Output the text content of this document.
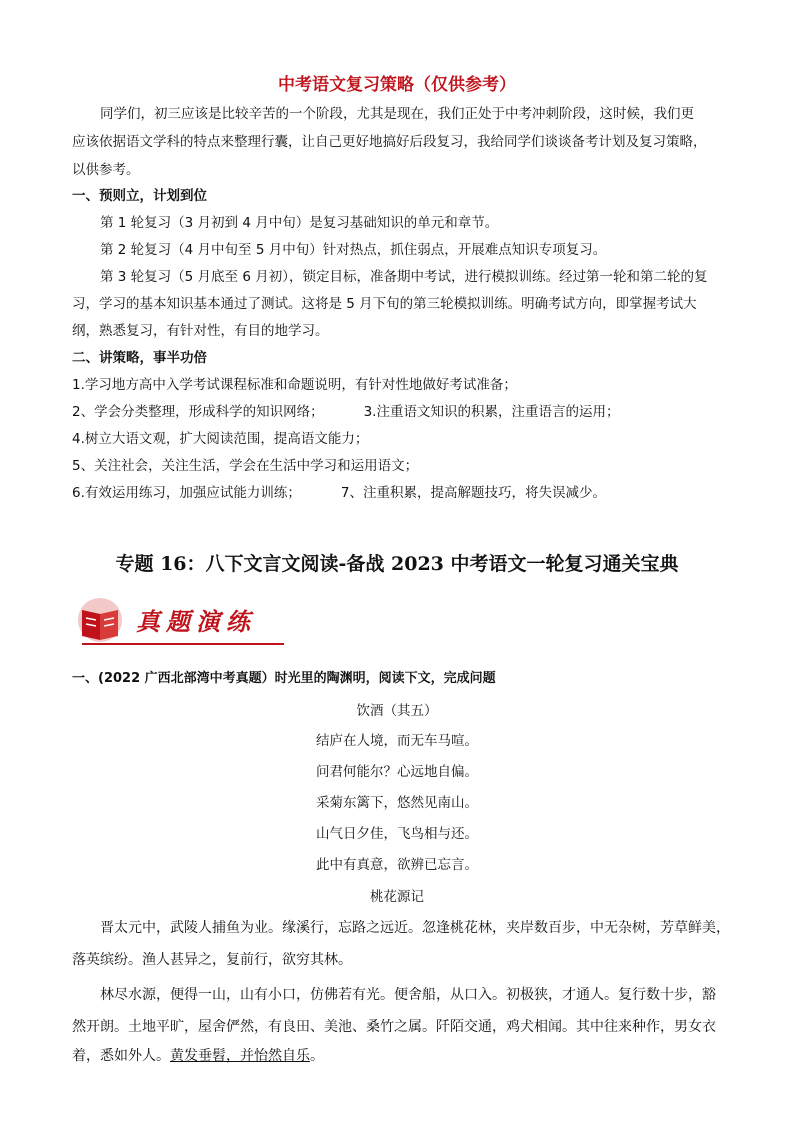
中考语文复习策略（仅供参考）
同学们，初三应该是比较辛苦的一个阶段，尤其是现在，我们正处于中考冲刺阶段，这时候，我们更
应该依据语文学科的特点来整理行囊，让自己更好地搞好后段复习，我给同学们谈谈备考计划及复习策略，
以供参考。
一、预则立，计划到位
第 1 轮复习（3 月初到 4 月中旬）是复习基础知识的单元和章节。
第 2 轮复习（4 月中旬至 5 月中旬）针对热点，抓住弱点，开展难点知识专项复习。
第 3 轮复习（5 月底至 6 月初），锁定目标，准备期中考试，进行模拟训练。经过第一轮和第二轮的复
习，学习的基本知识基本通过了测试。这将是 5 月下旬的第三轮模拟训练。明确考试方向，即掌握考试大
纲，熟悉复习，有针对性，有目的地学习。
二、讲策略，事半功倍
1.学习地方高中入学考试课程标准和命题说明，有针对性地做好考试准备；
2、学会分类整理，形成科学的知识网络；	3.注重语文知识的积累，注重语言的运用；
4.树立大语文观，扩大阅读范围，提高语文能力；
5、关注社会，关注生活，学会在生活中学习和运用语文；
6.有效运用练习，加强应试能力训练；	7、注重积累，提高解题技巧，将失误减少。
专题 16：八下文言文阅读-备战 2023 中考语文一轮复习通关宝典
真题演练
一、(2022 广西北部湾中考真题）时光里的陶渊明，阅读下文，完成问题
饮酒（其五）
结庐在人境，而无车马喧。
问君何能尔？心远地自偏。
采菊东篱下，悠然见南山。
山气日夕佳，飞鸟相与还。
此中有真意，欲辨已忘言。
桃花源记
晋太元中，武陵人捕鱼为业。缘溪行，忘路之远近。忽逢桃花林，夹岸数百步，中无杂树，芳草鲜美，
落英缤纷。渔人甚异之，复前行，欲穷其林。
林尽水源，便得一山，山有小口，仿佛若有光。便舍船，从口入。初极狭，才通人。复行数十步，豁
然开朗。土地平旷，屋舍俨然，有良田、美池、桑竹之属。阡陌交通，鸡犬相闻。其中往来种作，男女衣
着，悉如外人。黄发垂髫，并怡然自乐。
